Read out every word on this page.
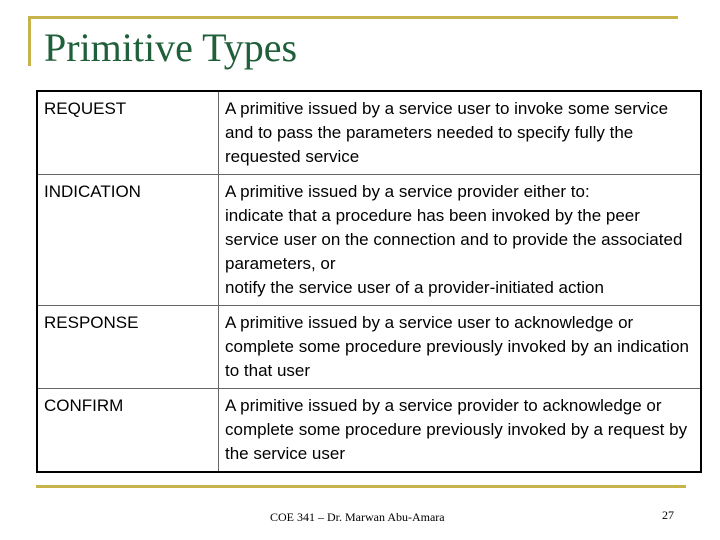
Primitive Types
REQUEST	A primitive issued by a service user to invoke some service and to pass the parameters needed to specify fully the requested service

INDICATION	A primitive issued by a service provider either to:
indicate that a procedure has been invoked by the peer service user on the connection and to provide the associated parameters, or
notify the service user of a provider-initiated action

RESPONSE	A primitive issued by a service user to acknowledge or complete some procedure previously invoked by an indication to that user

CONFIRM	A primitive issued by a service provider to acknowledge or complete some procedure previously invoked by a request by the service user
COE 341 – Dr. Marwan Abu-Amara	27
